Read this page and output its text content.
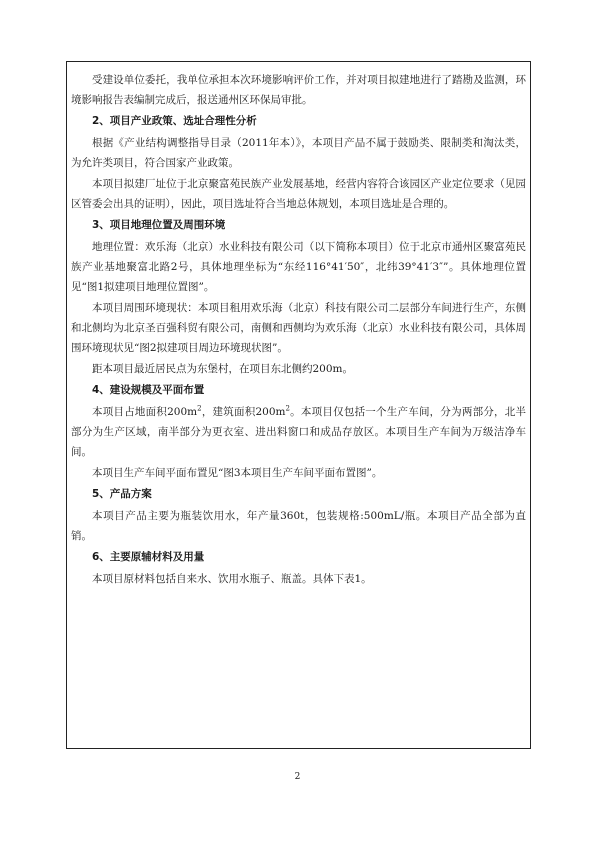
受建设单位委托，我单位承担本次环境影响评价工作，并对项目拟建地进行了踏勘及监测，环境影响报告表编制完成后，报送通州区环保局审批。

2、项目产业政策、选址合理性分析

根据《产业结构调整指导目录（2011年本）》，本项目产品不属于鼓励类、限制类和淘汰类，为允许类项目，符合国家产业政策。

本项目拟建厂址位于北京聚富苑民族产业发展基地，经营内容符合该园区产业定位要求（见园区管委会出具的证明），因此，项目选址符合当地总体规划，本项目选址是合理的。

3、项目地理位置及周围环境

地理位置：欢乐海（北京）水业科技有限公司（以下简称本项目）位于北京市通州区聚富苑民族产业基地聚富北路2号，具体地理坐标为“东经116°41′50″，北纬39°41′3″”。具体地理位置见“图1拟建项目地理位置图”。

本项目周围环境现状：本项目租用欢乐海（北京）科技有限公司二层部分车间进行生产，东侧和北侧均为北京圣百强科贸有限公司，南侧和西侧均为欢乐海（北京）水业科技有限公司，具体周围环境现状见“图2拟建项目周边环境现状图”。

距本项目最近居民点为东堡村，在项目东北侧约200m。

4、建设规模及平面布置

本项目占地面积$200m^2$，建筑面积$200m^2$。本项目仅包括一个生产车间，分为两部分，北半部分为生产区域，南半部分为更衣室、进出料窗口和成品存放区。本项目生产车间为万级洁净车间。

本项目生产车间平面布置见“图3本项目生产车间平面布置图”。

5、产品方案

本项目产品主要为瓶装饮用水，年产量360t，包装规格:500mL/瓶。本项目产品全部为直销。

6、主要原辅材料及用量

本项目原材料包括自来水、饮用水瓶子、瓶盖。具体下表1。

2
